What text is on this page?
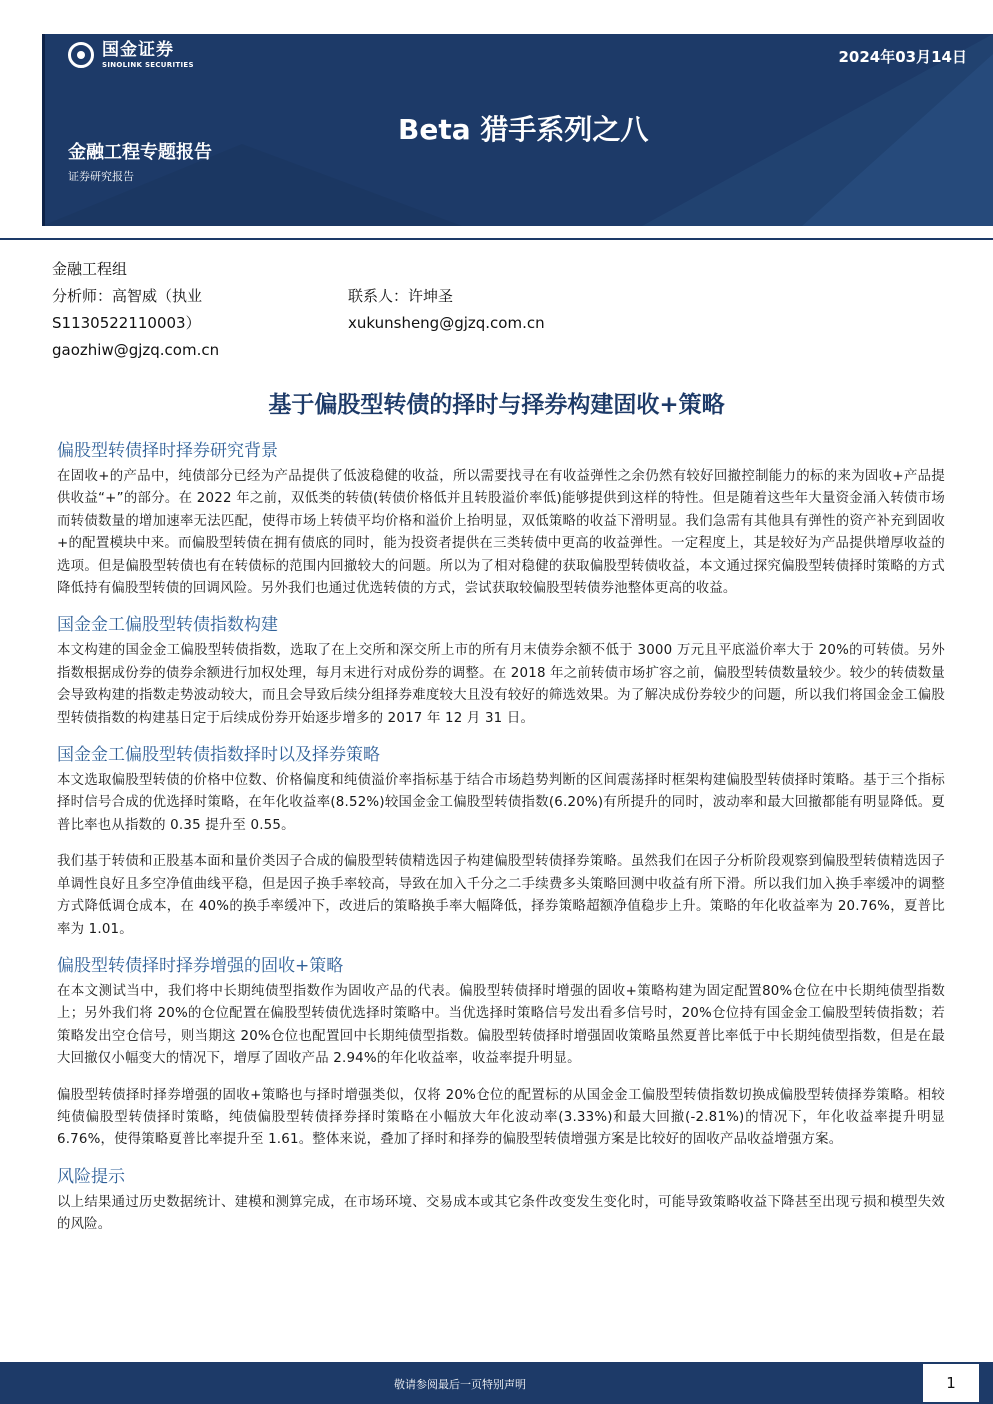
国金证券
SINOLINK SECURITIES	2024年03月14日
Beta 猎手系列之八
金融工程专题报告
证券研究报告
金融工程组
分析师：高智威（执业
S1130522110003）
gaozhiw@gjzq.com.cn
联系人：许坤圣
xukunsheng@gjzq.com.cn
基于偏股型转债的择时与择券构建固收+策略
偏股型转债择时择券研究背景

在固收+的产品中，纯债部分已经为产品提供了低波稳健的收益，所以需要找寻在有收益弹性之余仍然有较好回撤控制能力的标的来为固收+产品提供收益“+”的部分。在 2022 年之前，双低类的转债(转债价格低并且转股溢价率低)能够提供到这样的特性。但是随着这些年大量资金涌入转债市场而转债数量的增加速率无法匹配，使得市场上转债平均价格和溢价上抬明显，双低策略的收益下滑明显。我们急需有其他具有弹性的资产补充到固收+的配置模块中来。而偏股型转债在拥有债底的同时，能为投资者提供在三类转债中更高的收益弹性。一定程度上，其是较好为产品提供增厚收益的选项。但是偏股型转债也有在转债标的范围内回撤较大的问题。所以为了相对稳健的获取偏股型转债收益，本文通过探究偏股型转债择时策略的方式降低持有偏股型转债的回调风险。另外我们也通过优选转债的方式，尝试获取较偏股型转债券池整体更高的收益。

国金金工偏股型转债指数构建

本文构建的国金金工偏股型转债指数，选取了在上交所和深交所上市的所有月末债券余额不低于 3000 万元且平底溢价率大于 20%的可转债。另外指数根据成份券的债券余额进行加权处理，每月末进行对成份券的调整。在 2018 年之前转债市场扩容之前，偏股型转债数量较少。较少的转债数量会导致构建的指数走势波动较大，而且会导致后续分组择券难度较大且没有较好的筛选效果。为了解决成份券较少的问题，所以我们将国金金工偏股型转债指数的构建基日定于后续成份券开始逐步增多的 2017 年 12 月 31 日。

国金金工偏股型转债指数择时以及择券策略

本文选取偏股型转债的价格中位数、价格偏度和纯债溢价率指标基于结合市场趋势判断的区间震荡择时框架构建偏股型转债择时策略。基于三个指标择时信号合成的优选择时策略，在年化收益率(8.52%)较国金金工偏股型转债指数(6.20%)有所提升的同时，波动率和最大回撤都能有明显降低。夏普比率也从指数的 0.35 提升至 0.55。

我们基于转债和正股基本面和量价类因子合成的偏股型转债精选因子构建偏股型转债择券策略。虽然我们在因子分析阶段观察到偏股型转债精选因子单调性良好且多空净值曲线平稳，但是因子换手率较高，导致在加入千分之二手续费多头策略回测中收益有所下滑。所以我们加入换手率缓冲的调整方式降低调仓成本，在 40%的换手率缓冲下，改进后的策略换手率大幅降低，择券策略超额净值稳步上升。策略的年化收益率为 20.76%，夏普比率为 1.01。

偏股型转债择时择券增强的固收+策略

在本文测试当中，我们将中长期纯债型指数作为固收产品的代表。偏股型转债择时增强的固收+策略构建为固定配置80%仓位在中长期纯债型指数上；另外我们将 20%的仓位配置在偏股型转债优选择时策略中。当优选择时策略信号发出看多信号时，20%仓位持有国金金工偏股型转债指数；若策略发出空仓信号，则当期这 20%仓位也配置回中长期纯债型指数。偏股型转债择时增强固收策略虽然夏普比率低于中长期纯债型指数，但是在最大回撤仅小幅变大的情况下，增厚了固收产品 2.94%的年化收益率，收益率提升明显。

偏股型转债择时择券增强的固收+策略也与择时增强类似，仅将 20%仓位的配置标的从国金金工偏股型转债指数切换成偏股型转债择券策略。相较纯债偏股型转债择时策略，纯债偏股型转债择券择时策略在小幅放大年化波动率(3.33%)和最大回撤(-2.81%)的情况下，年化收益率提升明显 6.76%，使得策略夏普比率提升至 1.61。整体来说，叠加了择时和择券的偏股型转债增强方案是比较好的固收产品收益增强方案。

风险提示

以上结果通过历史数据统计、建模和测算完成，在市场环境、交易成本或其它条件改变发生变化时，可能导致策略收益下降甚至出现亏损和模型失效的风险。

敬请参阅最后一页特别声明	1
